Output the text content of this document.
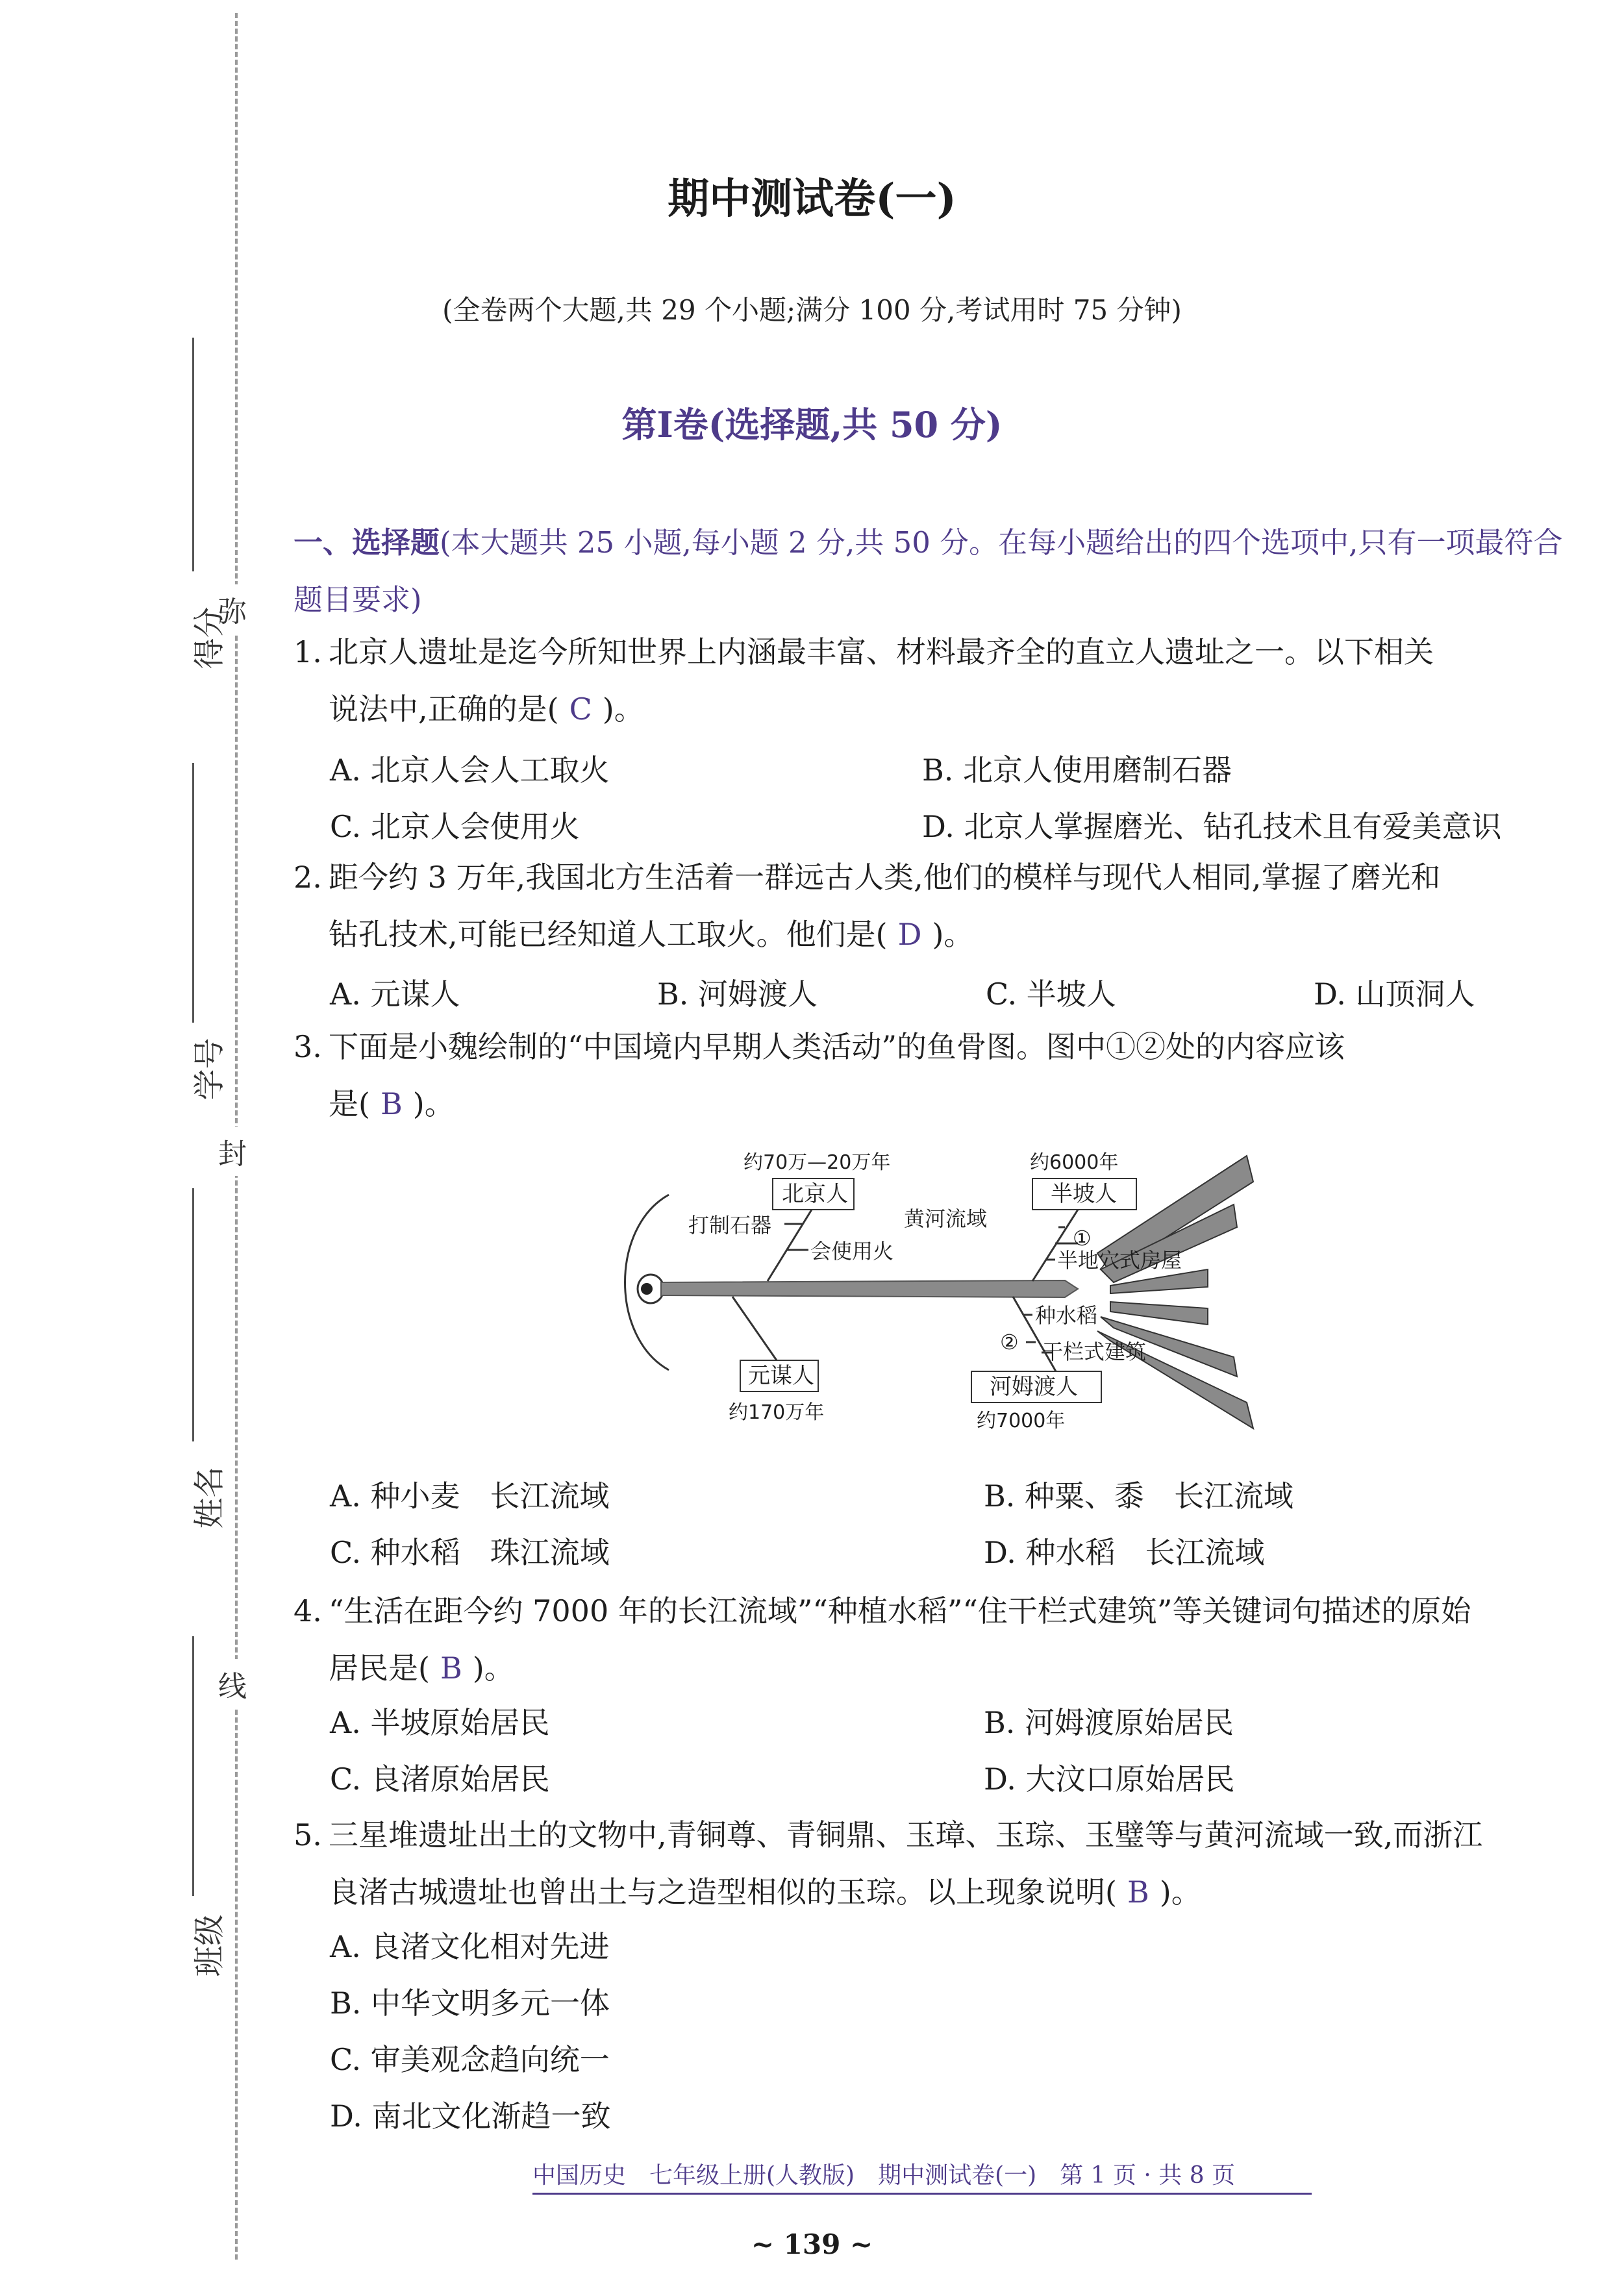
弥
封
线
得分
学号
姓名
班级
期中测试卷(一)
(全卷两个大题,共 29 个小题;满分 100 分,考试用时 75 分钟)
第Ⅰ卷(选择题,共 50 分)
一、选择题(本大题共 25 小题,每小题 2 分,共 50 分。在每小题给出的四个选项中,只有一项最符合题目要求)
1. 北京人遗址是迄今所知世界上内涵最丰富、材料最齐全的直立人遗址之一。以下相关
说法中,正确的是( C )。
A. 北京人会人工取火	B. 北京人使用磨制石器
C. 北京人会使用火	D. 北京人掌握磨光、钻孔技术且有爱美意识
2. 距今约 3 万年,我国北方生活着一群远古人类,他们的模样与现代人相同,掌握了磨光和
钻孔技术,可能已经知道人工取火。他们是( D )。
A. 元谋人	B. 河姆渡人	C. 半坡人	D. 山顶洞人
3. 下面是小魏绘制的“中国境内早期人类活动”的鱼骨图。图中①②处的内容应该
是( B )。
约70万—20万年
北京人
打制石器
会使用火
约6000年
半坡人
黄河流域
①
半地穴式房屋
元谋人
约170万年
种水稻
② 干栏式建筑
河姆渡人
约7000年
A. 种小麦　长江流域	B. 种粟、黍　长江流域
C. 种水稻　珠江流域	D. 种水稻　长江流域
4. “生活在距今约 7000 年的长江流域”“种植水稻”“住干栏式建筑”等关键词句描述的原始
居民是( B )。
A. 半坡原始居民	B. 河姆渡原始居民
C. 良渚原始居民	D. 大汶口原始居民
5. 三星堆遗址出土的文物中,青铜尊、青铜鼎、玉璋、玉琮、玉璧等与黄河流域一致,而浙江
良渚古城遗址也曾出土与之造型相似的玉琮。以上现象说明( B )。
A. 良渚文化相对先进
B. 中华文明多元一体
C. 审美观念趋向统一
D. 南北文化渐趋一致
中国历史　七年级上册(人教版)　期中测试卷(一)　第 1 页 · 共 8 页
~ 139 ~
